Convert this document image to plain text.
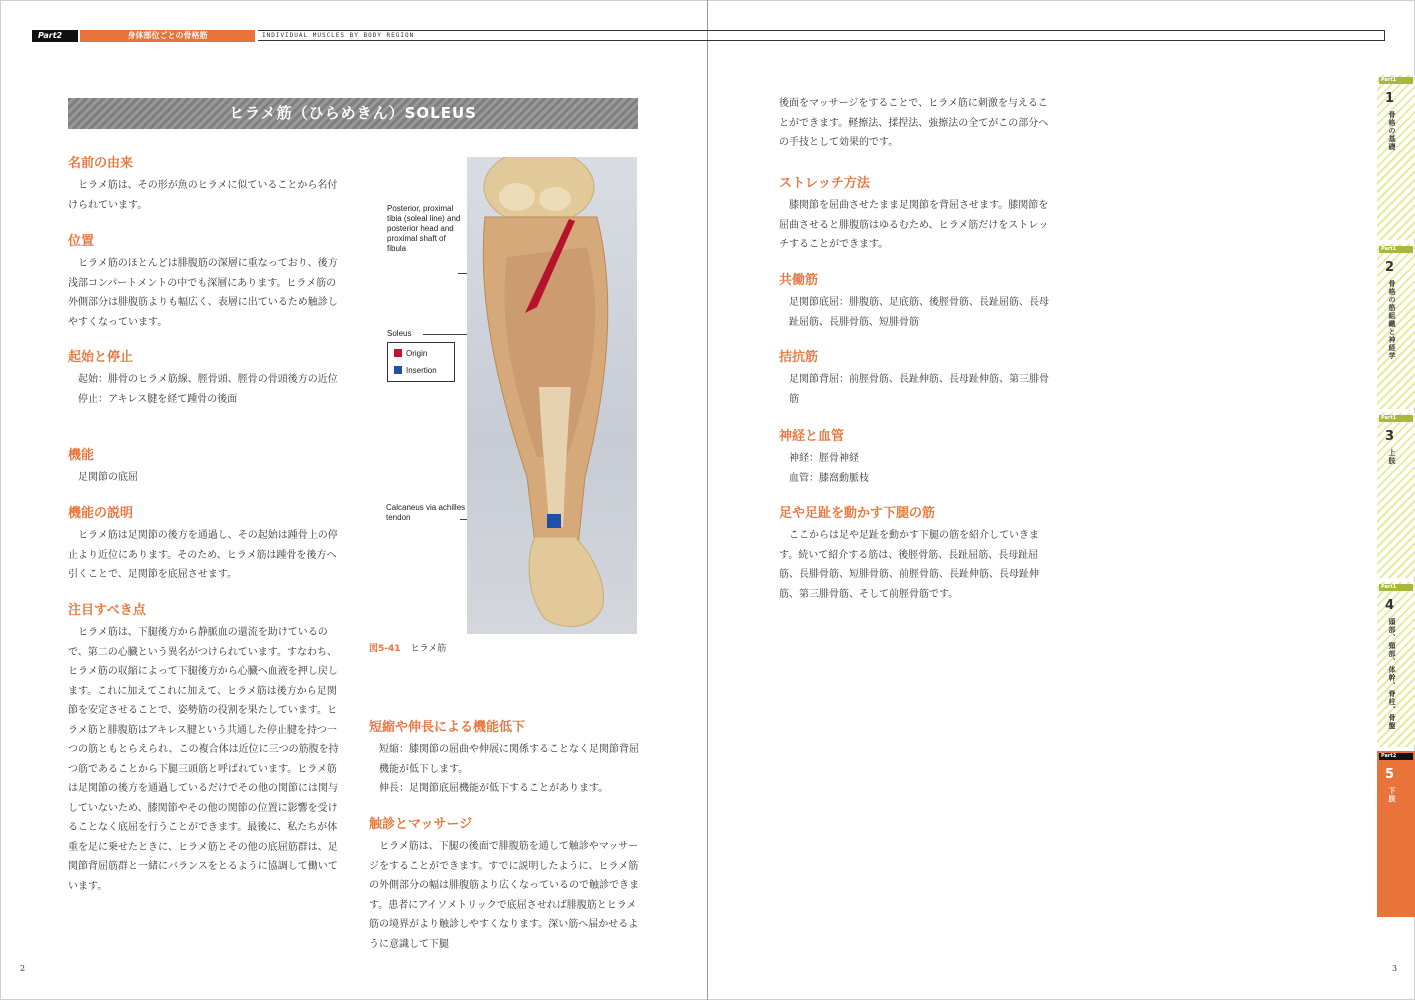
Part2	身体部位ごとの骨格筋	INDIVIDUAL MUSCLES BY BODY REGION
ヒラメ筋（ひらめきん）SOLEUS
名前の由来

ヒラメ筋は、その形が魚のヒラメに似ていることから名付けられています。

位置

ヒラメ筋のほとんどは腓腹筋の深層に重なっており、後方浅部コンパートメントの中でも深層にあります。ヒラメ筋の外側部分は腓腹筋よりも幅広く、表層に出ているため触診しやすくなっています。

起始と停止

起始：腓骨のヒラメ筋線、脛骨頭、脛骨の骨頭後方の近位

停止：アキレス腱を経て踵骨の後面

機能

足関節の底屈

機能の説明

ヒラメ筋は足関節の後方を通過し、その起始は踵骨上の停止より近位にあります。そのため、ヒラメ筋は踵骨を後方へ引くことで、足関節を底屈させます。

注目すべき点

ヒラメ筋は、下腿後方から静脈血の還流を助けているので、第二の心臓という異名がつけられています。すなわち、ヒラメ筋の収縮によって下腿後方から心臓へ血液を押し戻します。これに加えてこれに加えて、ヒラメ筋は後方から足関節を安定させることで、姿勢筋の役割を果たしています。ヒラメ筋と腓腹筋はアキレス腱という共通した停止腱を持つ一つの筋ともとらえられ、この複合体は近位に三つの筋腹を持つ筋であることから下腿三頭筋と呼ばれています。ヒラメ筋は足関節の後方を通過しているだけでその他の関節には関与していないため、膝関節やその他の関節の位置に影響を受けることなく底屈を行うことができます。最後に、私たちが体重を足に乗せたときに、ヒラメ筋とその他の底屈筋群は、足関節背屈筋群と一緒にバランスをとるように協調して働いています。

Posterior, proximal tibia (soleal line) and posterior head and proximal shaft of fibula
Soleus
Origin
Insertion
Calcaneus via achilles tendon
図5-41 ヒラメ筋
短縮や伸長による機能低下

短縮：膝関節の屈曲や伸展に関係することなく足関節背屈機能が低下します。

伸長：足関節底屈機能が低下することがあります。

触診とマッサージ

ヒラメ筋は、下腿の後面で腓腹筋を通して触診やマッサージをすることができます。すでに説明したように、ヒラメ筋の外側部分の幅は腓腹筋より広くなっているので触診できます。患者にアイソメトリックで底屈させれば腓腹筋とヒラメ筋の境界がより触診しやすくなります。深い筋へ届かせるように意識して下腿

後面をマッサージをすることで、ヒラメ筋に刺激を与えることができます。軽擦法、揉捏法、強擦法の全てがこの部分への手技として効果的です。

ストレッチ方法

膝関節を屈曲させたまま足関節を背屈させます。膝関節を屈曲させると腓腹筋はゆるむため、ヒラメ筋だけをストレッチすることができます。

共働筋

足関節底屈：腓腹筋、足底筋、後脛骨筋、長趾屈筋、長母趾屈筋、長腓骨筋、短腓骨筋

拮抗筋

足関節背屈：前脛骨筋、長趾伸筋、長母趾伸筋、第三腓骨筋

神経と血管

神経：脛骨神経

血管：膝窩動脈枝

足や足趾を動かす下腿の筋

ここからは足や足趾を動かす下腿の筋を紹介していきます。続いて紹介する筋は、後脛骨筋、長趾屈筋、長母趾屈筋、長腓骨筋、短腓骨筋、前脛骨筋、長趾伸筋、長母趾伸筋、第三腓骨筋、そして前脛骨筋です。

2	3
Part1
1
骨格の基礎
Part1
2
骨格の筋組織と神経学
Part1
3
上肢
Part1
4
頭部、頸部、体幹、脊柱、骨盤
Part2
5
下肢
